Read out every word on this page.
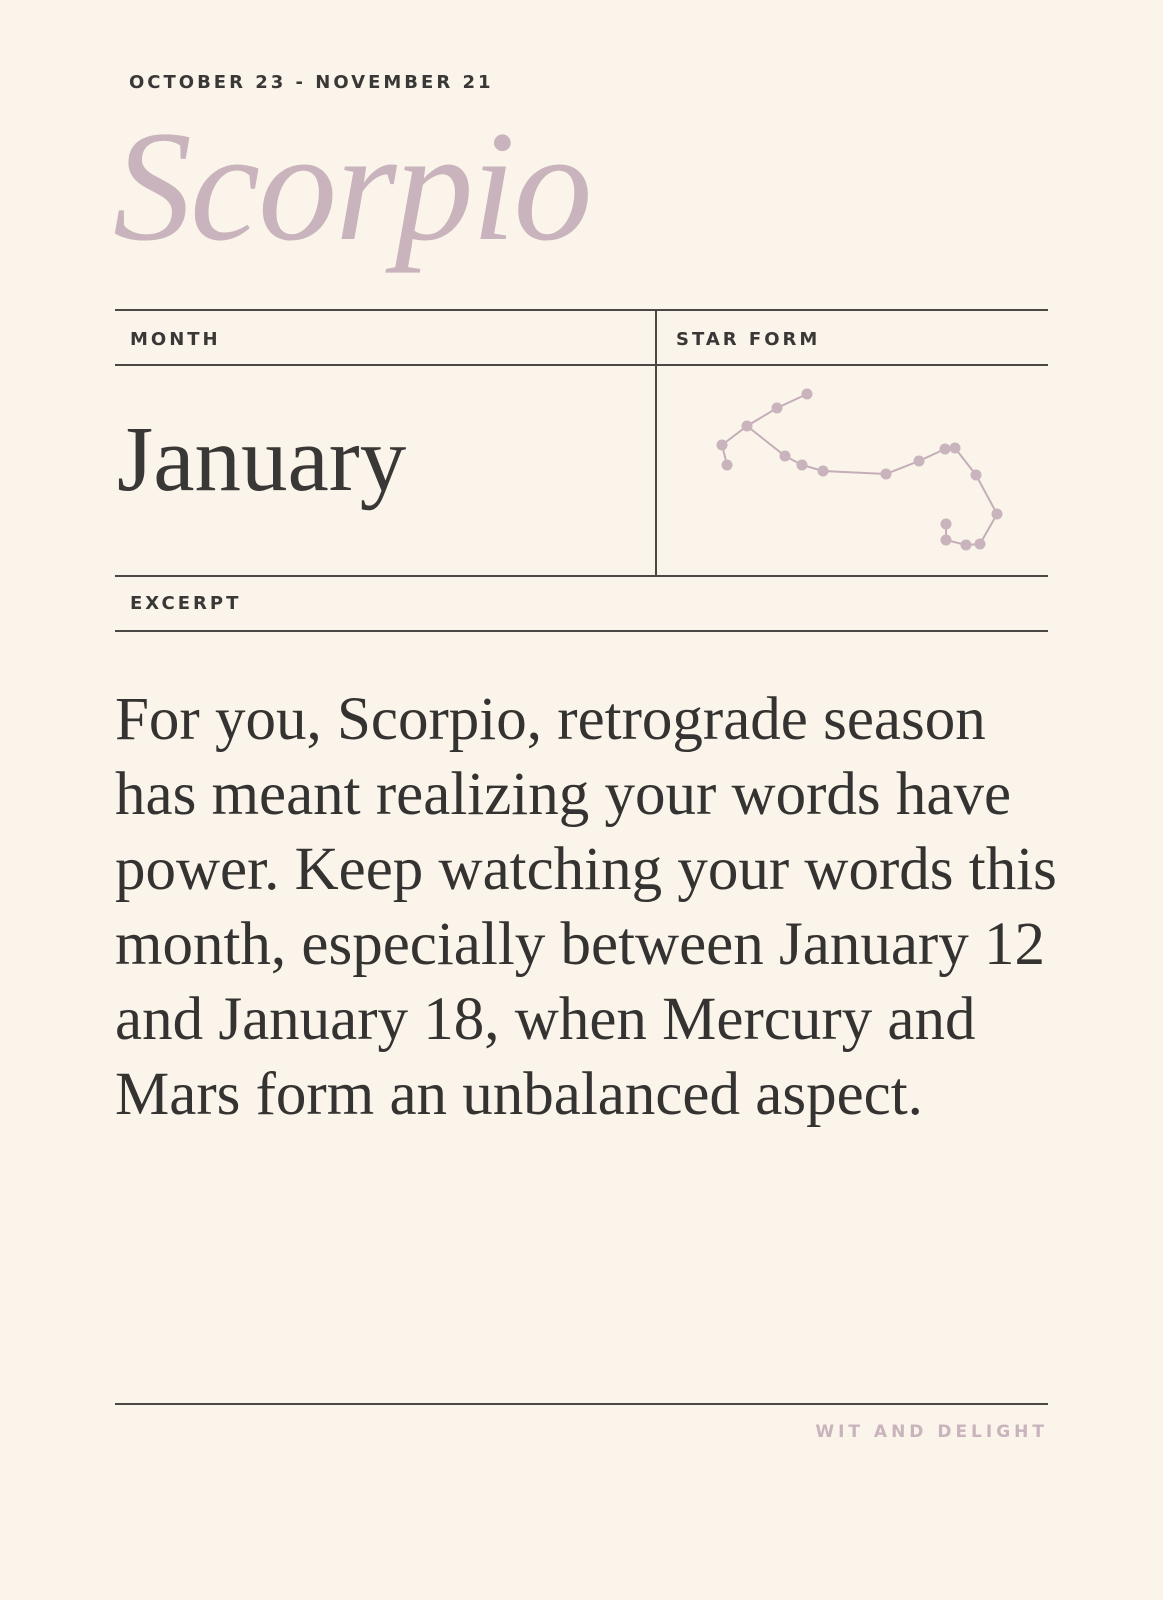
OCTOBER 23 - NOVEMBER 21
Scorpio
MONTH	STAR FORM
January
EXCERPT

For you, Scorpio, retrograde season has meant realizing your words have power. Keep watching your words this month, especially between January 12 and January 18, when Mercury and Mars form an unbalanced aspect.

WIT AND DELIGHT
